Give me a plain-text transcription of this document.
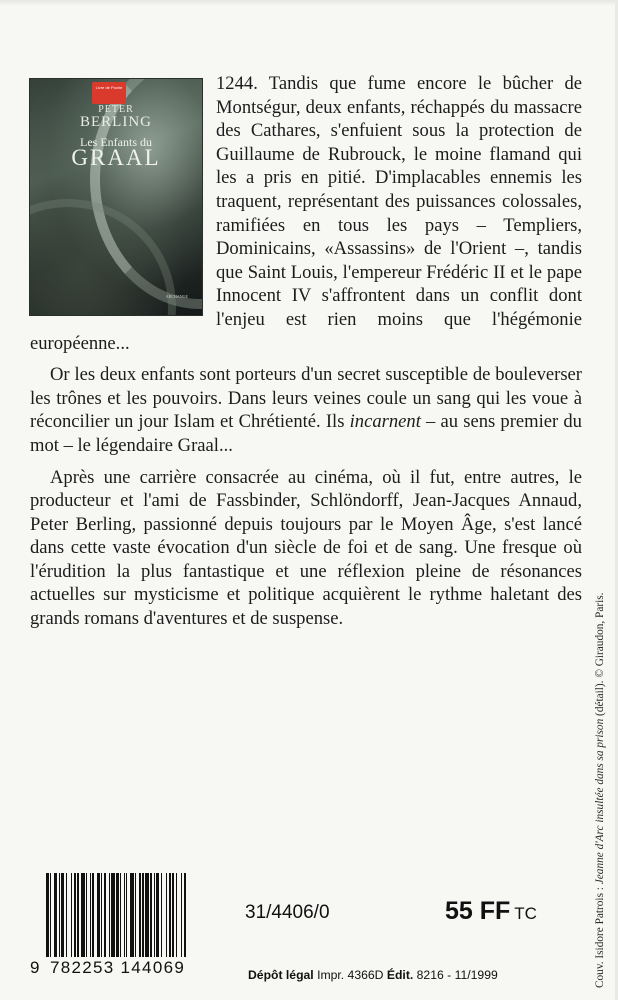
Livre de Poche
PETER
BERLING
Les Enfants du
GRAAL
ARCHANGE

1244. Tandis que fume encore le bûcher de Montségur, deux enfants, réchappés du massacre des Cathares, s'enfuient sous la protection de Guillaume de Rubrouck, le moine flamand qui les a pris en pitié. D'implacables ennemis les traquent, représentant des puissances colossales, ramifiées en tous les pays – Templiers, Dominicains, «Assassins» de l'Orient –, tandis que Saint Louis, l'empereur Frédéric II et le pape Innocent IV s'affrontent dans un conflit dont l'enjeu est rien moins que l'hégémonie européenne...

Or les deux enfants sont porteurs d'un secret susceptible de bouleverser les trônes et les pouvoirs. Dans leurs veines coule un sang qui les voue à réconcilier un jour Islam et Chrétienté. Ils incarnent – au sens premier du mot – le légendaire Graal...

Après une carrière consacrée au cinéma, où il fut, entre autres, le producteur et l'ami de Fassbinder, Schlöndorff, Jean-Jacques Annaud, Peter Berling, passionné depuis toujours par le Moyen Âge, s'est lancé dans cette vaste évocation d'un siècle de foi et de sang. Une fresque où l'érudition la plus fantastique et une réflexion pleine de résonances actuelles sur mysticisme et politique acquièrent le rythme haletant des grands romans d'aventures et de suspense.

Couv. Isidore Patrois : Jeanne d'Arc insultée dans sa prison (détail). © Giraudon, Paris.
9 782253 144069
31/4406/0	55 FF TC
Dépôt légal Impr. 4366D Édit. 8216 - 11/1999
